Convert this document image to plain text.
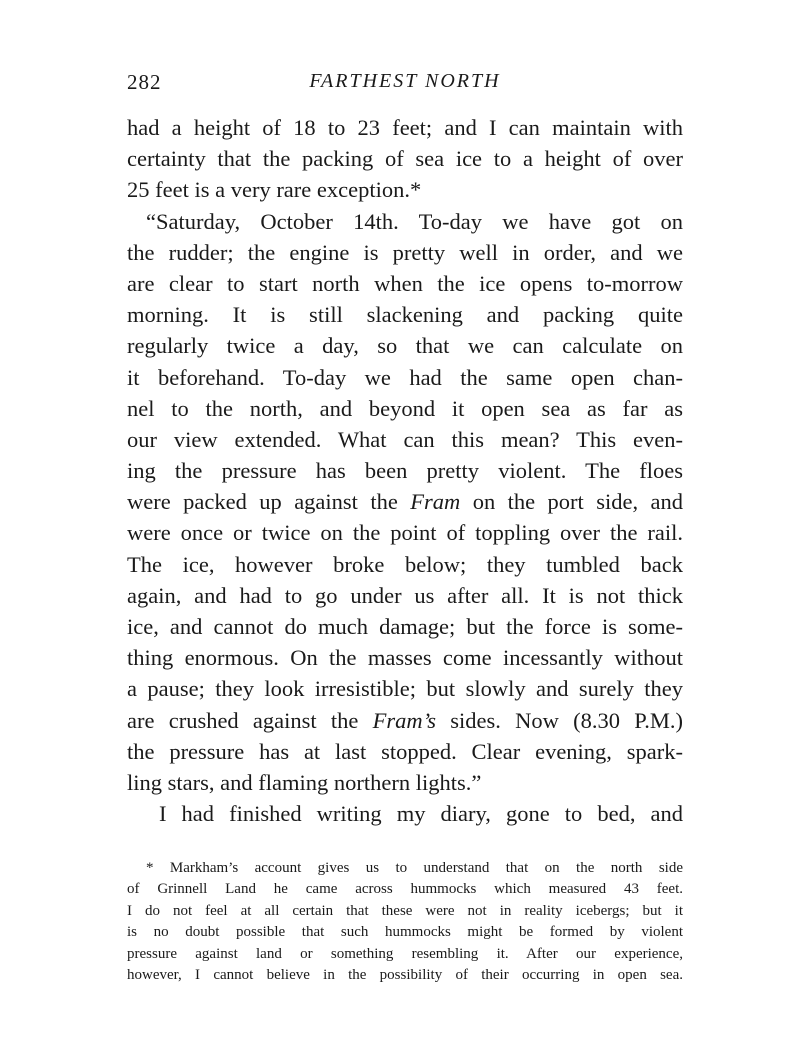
282	FARTHEST NORTH
had a height of 18 to 23 feet; and I can maintain with
certainty that the packing of sea ice to a height of over
25 feet is a very rare exception.*
“Saturday, October 14th. To-day we have got on
the rudder; the engine is pretty well in order, and we
are clear to start north when the ice opens to-morrow
morning. It is still slackening and packing quite
regularly twice a day, so that we can calculate on
it beforehand. To-day we had the same open chan-
nel to the north, and beyond it open sea as far as
our view extended. What can this mean? This even-
ing the pressure has been pretty violent. The floes
were packed up against the Fram on the port side, and
were once or twice on the point of toppling over the rail.
The ice, however broke below; they tumbled back
again, and had to go under us after all. It is not thick
ice, and cannot do much damage; but the force is some-
thing enormous. On the masses come incessantly without
a pause; they look irresistible; but slowly and surely they
are crushed against the Fram’s sides. Now (8.30 P.M.)
the pressure has at last stopped. Clear evening, spark-
ling stars, and flaming northern lights.”
I had finished writing my diary, gone to bed, and
* Markham’s account gives us to understand that on the north side
of Grinnell Land he came across hummocks which measured 43 feet.
I do not feel at all certain that these were not in reality icebergs; but it
is no doubt possible that such hummocks might be formed by violent
pressure against land or something resembling it. After our experience,
however, I cannot believe in the possibility of their occurring in open sea.
